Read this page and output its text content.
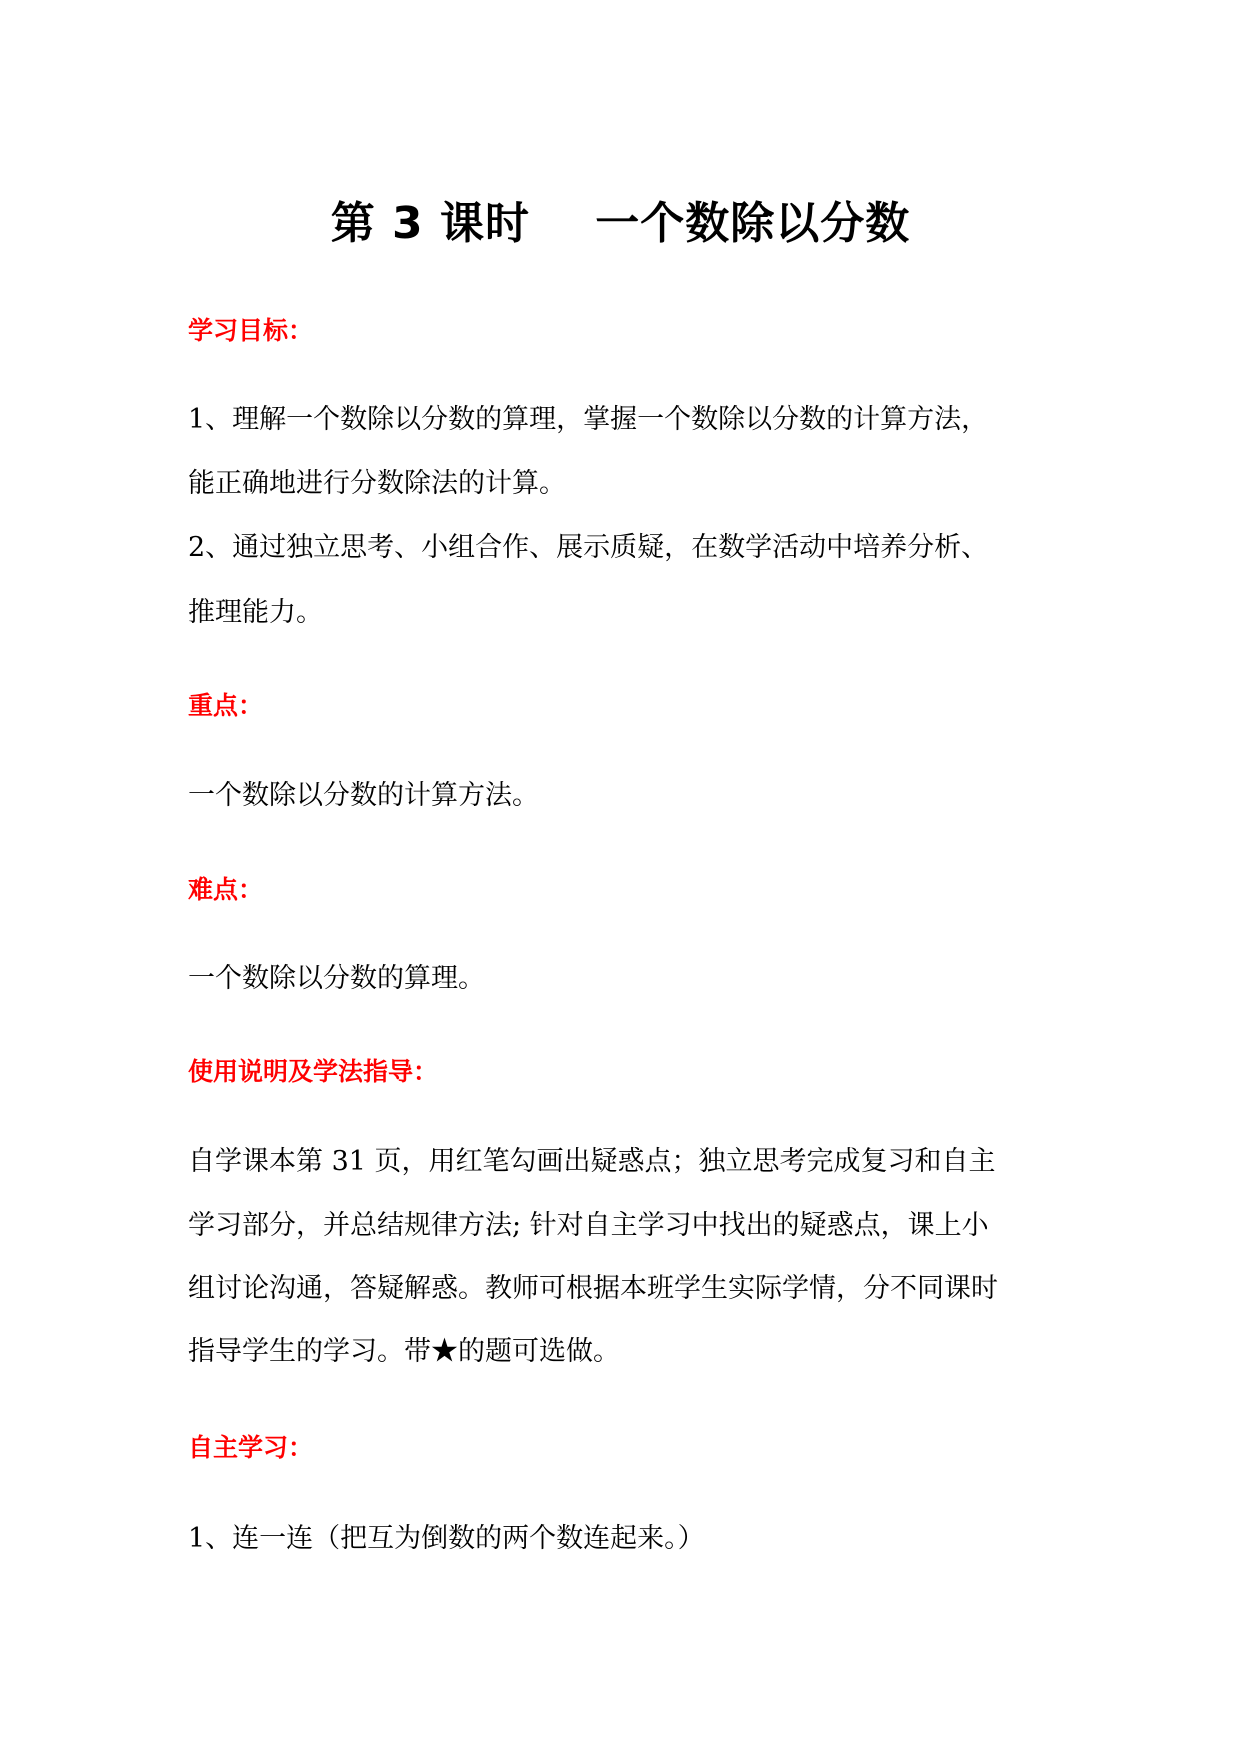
第 3 课时    一个数除以分数
学习目标：
1、理解一个数除以分数的算理，掌握一个数除以分数的计算方法，
能正确地进行分数除法的计算。
2、通过独立思考、小组合作、展示质疑，在数学活动中培养分析、
推理能力。
重点：
一个数除以分数的计算方法。
难点：
一个数除以分数的算理。
使用说明及学法指导：
自学课本第 31 页，用红笔勾画出疑惑点；独立思考完成复习和自主
学习部分，并总结规律方法; 针对自主学习中找出的疑惑点，课上小
组讨论沟通，答疑解惑。教师可根据本班学生实际学情，分不同课时
指导学生的学习。带★的题可选做。
自主学习：
1、连一连（把互为倒数的两个数连起来。）
